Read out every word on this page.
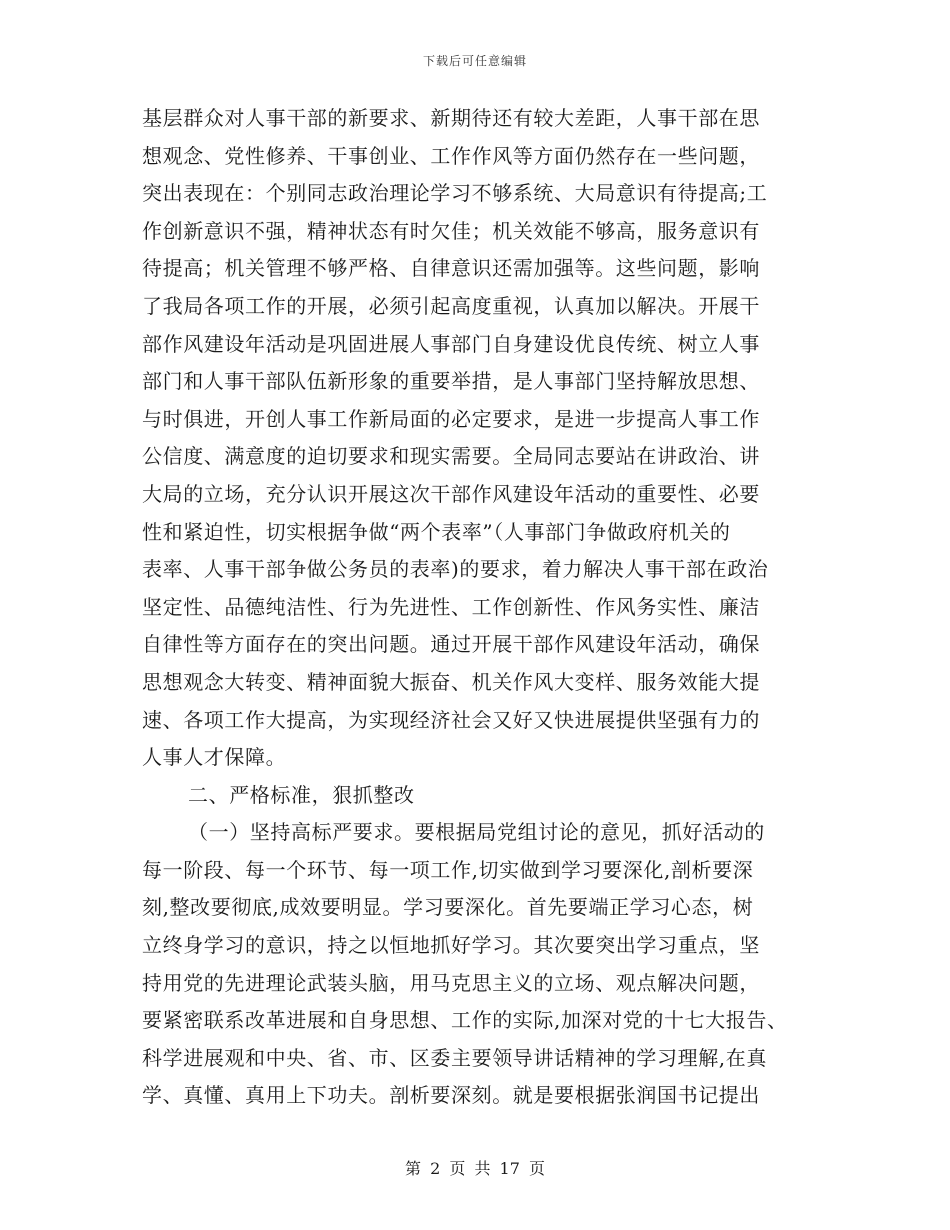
下载后可任意编辑
基层群众对人事干部的新要求、新期待还有较大差距，人事干部在思
想观念、党性修养、干事创业、工作作风等方面仍然存在一些问题，
突出表现在：个别同志政治理论学习不够系统、大局意识有待提高;工
作创新意识不强，精神状态有时欠佳；机关效能不够高，服务意识有
待提高；机关管理不够严格、自律意识还需加强等。这些问题，影响
了我局各项工作的开展，必须引起高度重视，认真加以解决。开展干
部作风建设年活动是巩固进展人事部门自身建设优良传统、树立人事
部门和人事干部队伍新形象的重要举措，是人事部门坚持解放思想、
与时俱进，开创人事工作新局面的必定要求，是进一步提高人事工作
公信度、满意度的迫切要求和现实需要。全局同志要站在讲政治、讲
大局的立场，充分认识开展这次干部作风建设年活动的重要性、必要
性和紧迫性，切实根据争做“两个表率”（人事部门争做政府机关的
表率、人事干部争做公务员的表率)的要求，着力解决人事干部在政治
坚定性、品德纯洁性、行为先进性、工作创新性、作风务实性、廉洁
自律性等方面存在的突出问题。通过开展干部作风建设年活动，确保
思想观念大转变、精神面貌大振奋、机关作风大变样、服务效能大提
速、各项工作大提高，为实现经济社会又好又快进展提供坚强有力的
人事人才保障。
二、严格标准，狠抓整改
（一）坚持高标严要求。要根据局党组讨论的意见，抓好活动的
每一阶段、每一个环节、每一项工作,切实做到学习要深化,剖析要深
刻,整改要彻底,成效要明显。学习要深化。首先要端正学习心态，树
立终身学习的意识，持之以恒地抓好学习。其次要突出学习重点，坚
持用党的先进理论武装头脑，用马克思主义的立场、观点解决问题，
要紧密联系改革进展和自身思想、工作的实际,加深对党的十七大报告、
科学进展观和中央、省、市、区委主要领导讲话精神的学习理解,在真
学、真懂、真用上下功夫。剖析要深刻。就是要根据张润国书记提出
第 2 页 共 17 页
